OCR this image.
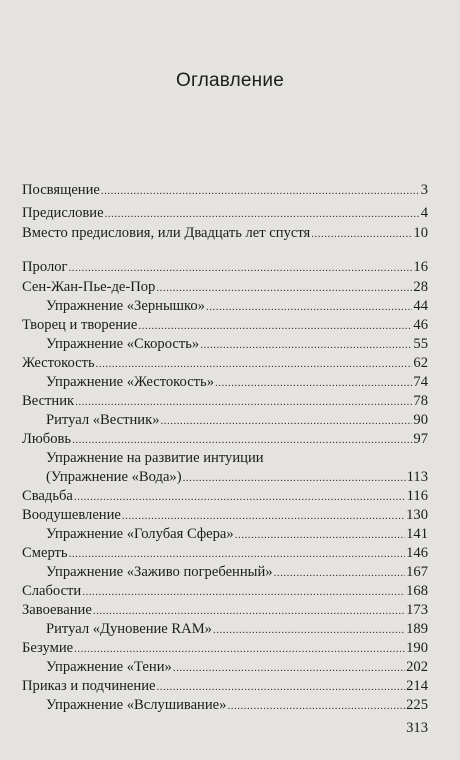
Оглавление
Посвящение .....	3
Предисловие .....	4
Вместо предисловия, или Двадцать лет спустя .....	10
Пролог .....	16
Сен-Жан-Пье-де-Пор .....	28
Упражнение «Зернышко» .....	44
Творец и творение .....	46
Упражнение «Скорость» .....	55
Жестокость .....	62
Упражнение «Жестокость» .....	74
Вестник .....	78
Ритуал «Вестник» .....	90
Любовь .....	97
Упражнение на развитие интуиции
(Упражнение «Вода») .....	113
Свадьба .....	116
Воодушевление .....	130
Упражнение «Голубая Сфера» .....	141
Смерть .....	146
Упражнение «Заживо погребенный» .....	167
Слабости .....	168
Завоевание .....	173
Ритуал «Дуновение RAM» .....	189
Безумие .....	190
Упражнение «Тени» .....	202
Приказ и подчинение .....	214
Упражнение «Вслушивание» .....	225
313
